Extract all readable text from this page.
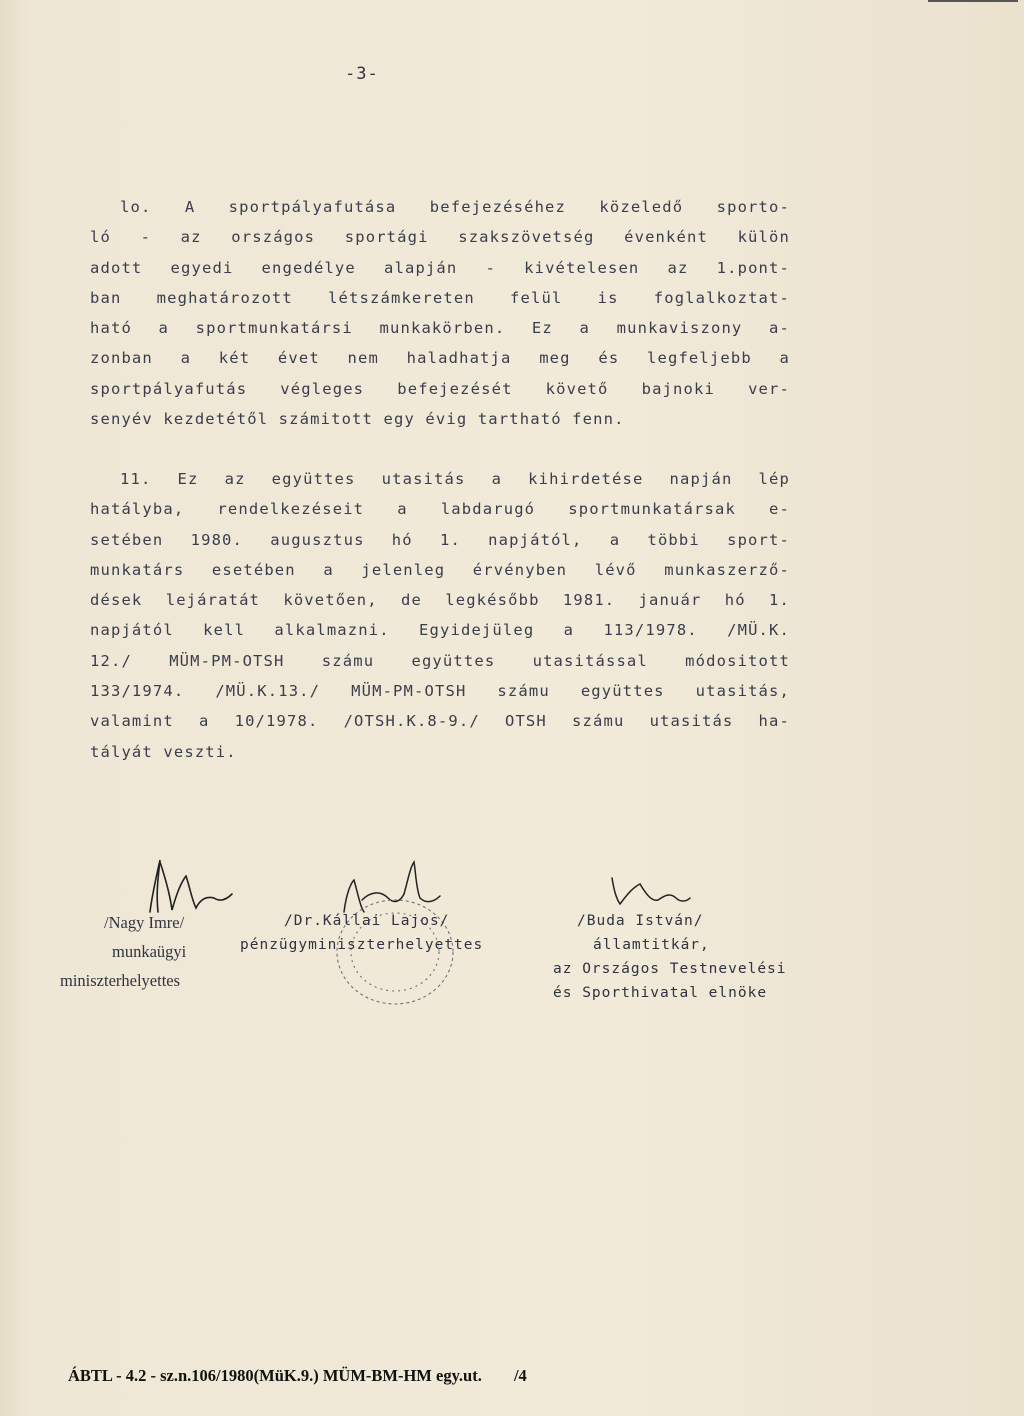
-3-
lo. A sportpályafutása befejezéséhez közeledő sporto-
ló - az országos sportági szakszövetség évenként külön
adott egyedi engedélye alapján - kivételesen az 1.pont-
ban meghatározott létszámkereten felül is foglalkoztat-
ható a sportmunkatársi munkakörben. Ez a munkaviszony a-
zonban a két évet nem haladhatja meg és legfeljebb a
sportpályafutás végleges befejezését követő bajnoki ver-
senyév kezdetétől számitott egy évig tartható fenn.
11. Ez az együttes utasitás a kihirdetése napján lép
hatályba, rendelkezéseit a labdarugó sportmunkatársak e-
setében 1980. augusztus hó 1. napjától, a többi sport-
munkatárs esetében a jelenleg érvényben lévő munkaszerző-
dések lejáratát követően, de legkésőbb 1981. január hó 1.
napjától kell alkalmazni. Egyidejüleg a 113/1978. /MÜ.K.
12./ MÜM-PM-OTSH számu együttes utasitással módositott
133/1974. /MÜ.K.13./ MÜM-PM-OTSH számu együttes utasitás,
valamint a 10/1978. /OTSH.K.8-9./ OTSH számu utasitás ha-
tályát veszti.
/Nagy Imre/
munkaügyi
miniszterhelyettes
/Dr.Kállai Lajos/
pénzügyminiszterhelyettes
/Buda István/
államtitkár,
az Országos Testnevelési
és Sporthivatal elnöke
ÁBTL - 4.2 - sz.n.106/1980(MüK.9.) MÜM-BM-HM egy.ut. /4
